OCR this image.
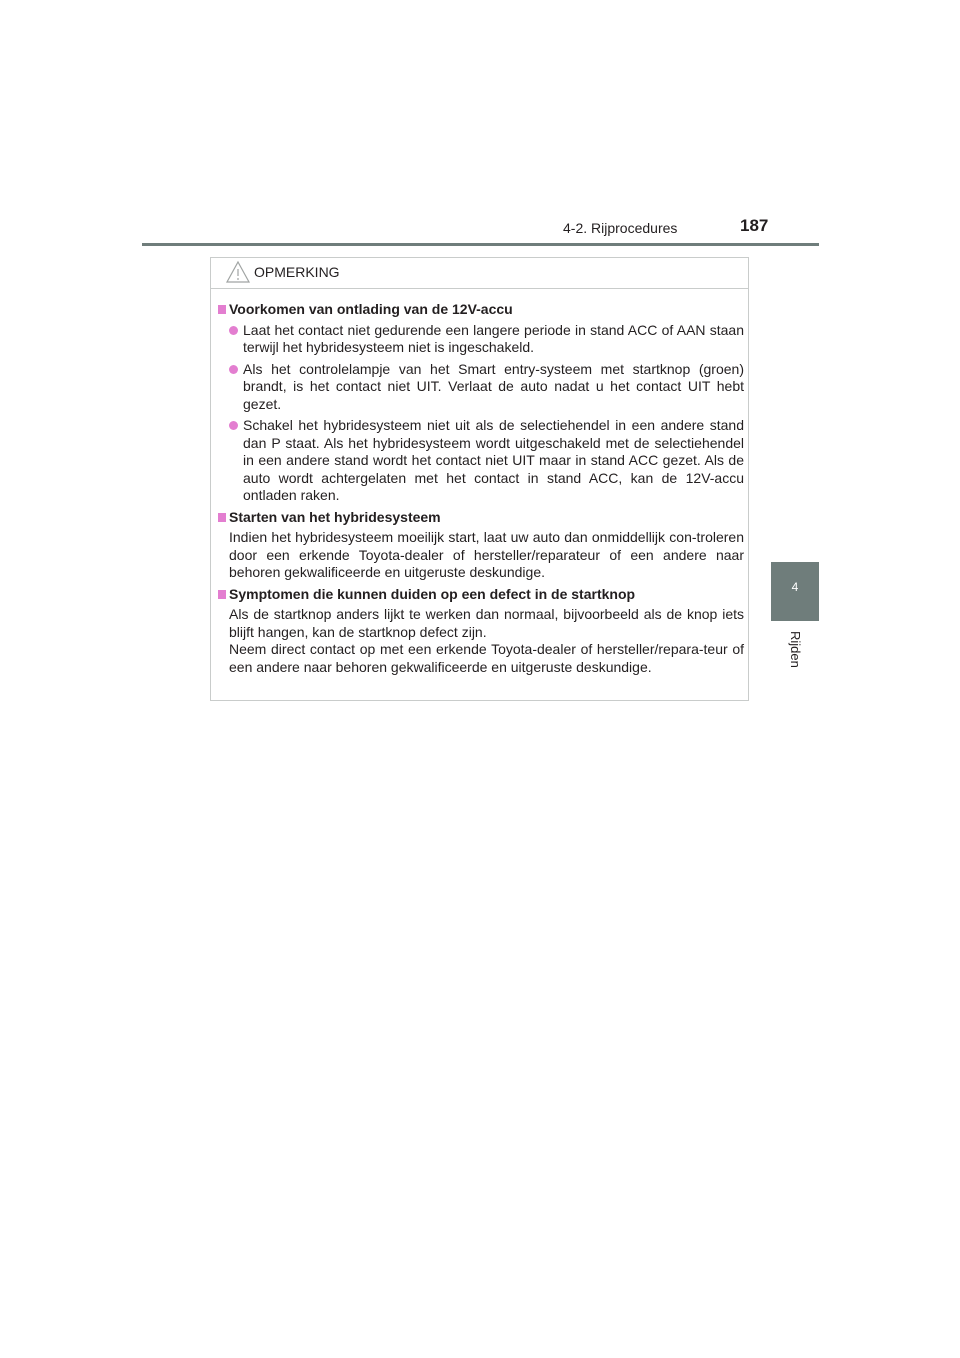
4-2. Rijprocedures	187
4
Rijden
OPMERKING
Voorkomen van ontlading van de 12V-accu
Laat het contact niet gedurende een langere periode in stand ACC of AAN staan terwijl het hybridesysteem niet is ingeschakeld.
Als het controlelampje van het Smart entry-systeem met startknop (groen) brandt, is het contact niet UIT. Verlaat de auto nadat u het contact UIT hebt gezet.
Schakel het hybridesysteem niet uit als de selectiehendel in een andere stand dan P staat. Als het hybridesysteem wordt uitgeschakeld met de selectiehendel in een andere stand wordt het contact niet UIT maar in stand ACC gezet. Als de auto wordt achtergelaten met het contact in stand ACC, kan de 12V-accu ontladen raken.
Starten van het hybridesysteem
Indien het hybridesysteem moeilijk start, laat uw auto dan onmiddellijk con-troleren door een erkende Toyota-dealer of hersteller/reparateur of een andere naar behoren gekwalificeerde en uitgeruste deskundige.
Symptomen die kunnen duiden op een defect in de startknop
Als de startknop anders lijkt te werken dan normaal, bijvoorbeeld als de knop iets blijft hangen, kan de startknop defect zijn.
Neem direct contact op met een erkende Toyota-dealer of hersteller/repara-teur of een andere naar behoren gekwalificeerde en uitgeruste deskundige.
